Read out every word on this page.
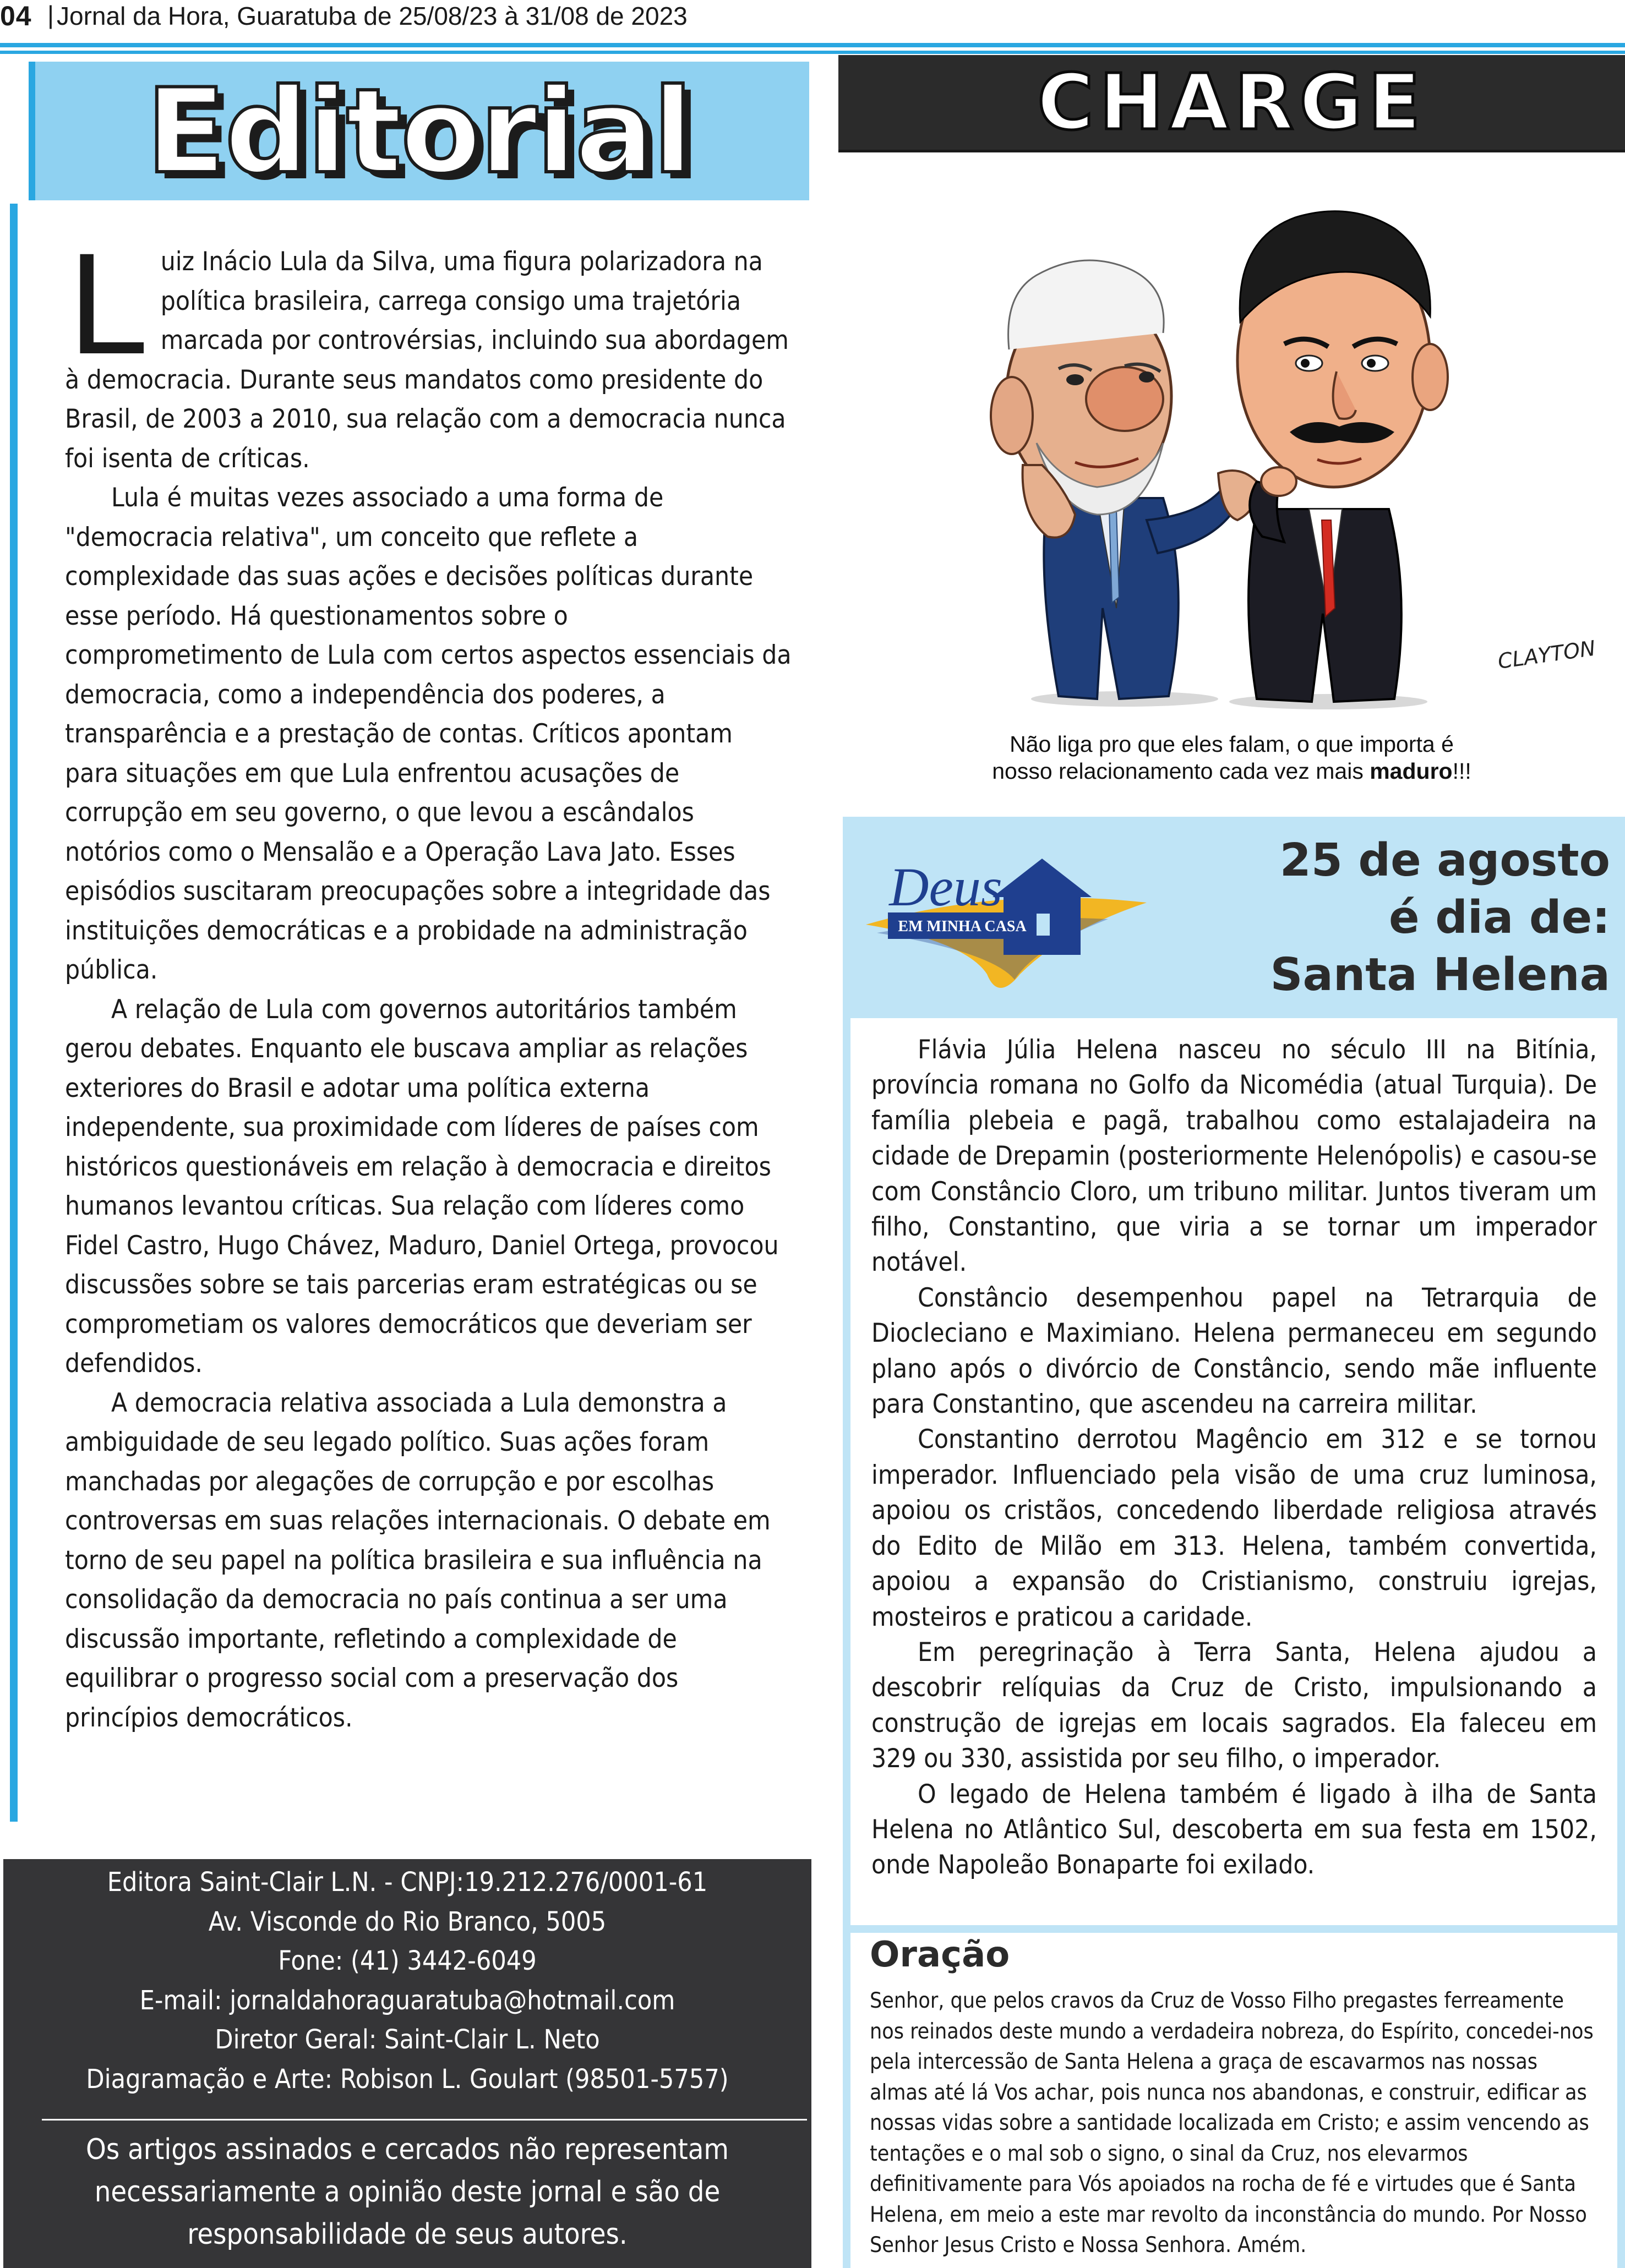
04 | Jornal da Hora, Guaratuba de 25/08/23 à 31/08 de 2023
Editorial

Luiz Inácio Lula da Silva, uma figura polarizadora na política brasileira, carrega consigo uma trajetória marcada por controvérsias, incluindo sua abordagem à democracia. Durante seus mandatos como presidente do Brasil, de 2003 a 2010, sua relação com a democracia nunca foi isenta de críticas.

Lula é muitas vezes associado a uma forma de "democracia relativa", um conceito que reflete a complexidade das suas ações e decisões políticas durante esse período. Há questionamentos sobre o comprometimento de Lula com certos aspectos essenciais da democracia, como a independência dos poderes, a transparência e a prestação de contas. Críticos apontam para situações em que Lula enfrentou acusações de corrupção em seu governo, o que levou a escândalos notórios como o Mensalão e a Operação Lava Jato. Esses episódios suscitaram preocupações sobre a integridade das instituições democráticas e a probidade na administração pública.

A relação de Lula com governos autoritários também gerou debates. Enquanto ele buscava ampliar as relações exteriores do Brasil e adotar uma política externa independente, sua proximidade com líderes de países com históricos questionáveis em relação à democracia e direitos humanos levantou críticas. Sua relação com líderes como Fidel Castro, Hugo Chávez, Maduro, Daniel Ortega, provocou discussões sobre se tais parcerias eram estratégicas ou se comprometiam os valores democráticos que deveriam ser defendidos.

A democracia relativa associada a Lula demonstra a ambiguidade de seu legado político. Suas ações foram manchadas por alegações de corrupção e por escolhas controversas em suas relações internacionais. O debate em torno de seu papel na política brasileira e sua influência na consolidação da democracia no país continua a ser uma discussão importante, refletindo a complexidade de equilibrar o progresso social com a preservação dos princípios democráticos.

Editora Saint-Clair L.N. - CNPJ:19.212.276/0001-61
Av. Visconde do Rio Branco, 5005
Fone: (41) 3442-6049
E-mail: jornaldahoraguaratuba@hotmail.com
Diretor Geral: Saint-Clair L. Neto
Diagramação e Arte: Robison L. Goulart (98501-5757)
Os artigos assinados e cercados não representam
necessariamente a opinião deste jornal e são de
responsabilidade de seus autores.
CHARGE
CLAYTON
Não liga pro que eles falam, o que importa é
nosso relacionamento cada vez mais maduro!!!
EM MINHA CASA
Deus	25 de agosto
é dia de:
Santa Helena

Flávia Júlia Helena nasceu no século III na Bitínia, província romana no Golfo da Nicomédia (atual Turquia). De família plebeia e pagã, trabalhou como estalajadeira na cidade de Drepamin (posteriormente Helenópolis) e casou-se com Constâncio Cloro, um tribuno militar. Juntos tiveram um filho, Constantino, que viria a se tornar um imperador notável.

Constâncio desempenhou papel na Tetrarquia de Diocleciano e Maximiano. Helena permaneceu em segundo plano após o divórcio de Constâncio, sendo mãe influente para Constantino, que ascendeu na carreira militar.

Constantino derrotou Magêncio em 312 e se tornou imperador. Influenciado pela visão de uma cruz luminosa, apoiou os cristãos, concedendo liberdade religiosa através do Edito de Milão em 313. Helena, também convertida, apoiou a expansão do Cristianismo, construiu igrejas, mosteiros e praticou a caridade.

Em peregrinação à Terra Santa, Helena ajudou a descobrir relíquias da Cruz de Cristo, impulsionando a construção de igrejas em locais sagrados. Ela faleceu em 329 ou 330, assistida por seu filho, o imperador.

O legado de Helena também é ligado à ilha de Santa Helena no Atlântico Sul, descoberta em sua festa em 1502, onde Napoleão Bonaparte foi exilado.

Oração
Senhor, que pelos cravos da Cruz de Vosso Filho pregastes ferreamente nos reinados deste mundo a verdadeira nobreza, do Espírito, concedei-nos pela intercessão de Santa Helena a graça de escavarmos nas nossas almas até lá Vos achar, pois nunca nos abandonas, e construir, edificar as nossas vidas sobre a santidade localizada em Cristo; e assim vencendo as tentações e o mal sob o signo, o sinal da Cruz, nos elevarmos definitivamente para Vós apoiados na rocha de fé e virtudes que é Santa Helena, em meio a este mar revolto da inconstância do mundo. Por Nosso Senhor Jesus Cristo e Nossa Senhora. Amém.
